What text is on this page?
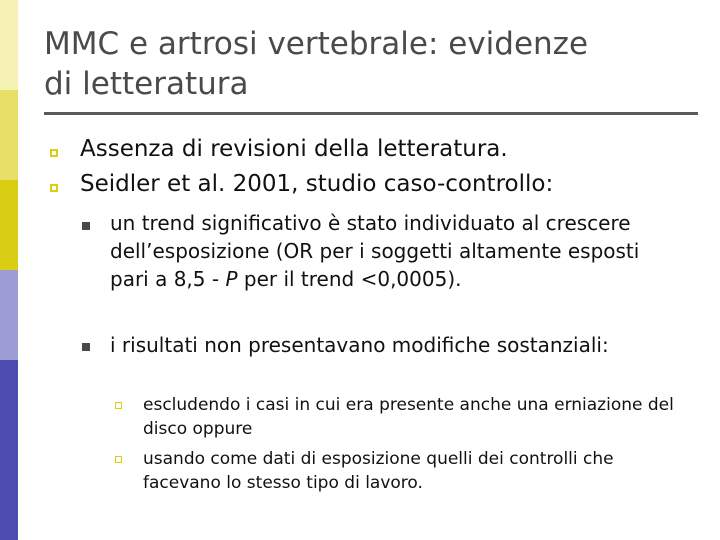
MMC e artrosi vertebrale: evidenze
di letteratura
Assenza di revisioni della letteratura.
Seidler et al. 2001, studio caso-controllo:
un trend significativo è stato individuato al crescere dell’esposizione (OR per i soggetti altamente esposti pari a 8,5 - P per il trend <0,0005).
i risultati non presentavano modifiche sostanziali:
escludendo i casi in cui era presente anche una erniazione del disco oppure
usando come dati di esposizione quelli dei controlli che facevano lo stesso tipo di lavoro.
